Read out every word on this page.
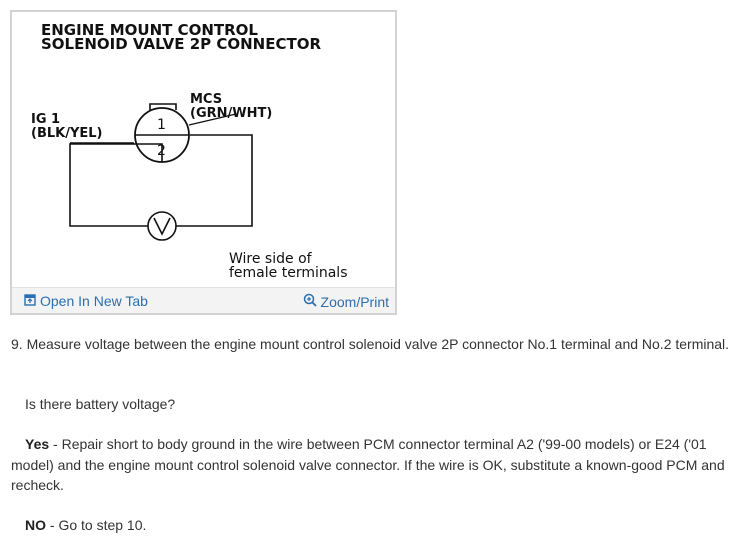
ENGINE MOUNT CONTROL
SOLENOID VALVE 2P CONNECTOR
MCS
(GRN/WHT)
IG 1
(BLK/YEL)
1
2
Wire side of
female terminals
Open In New Tab	Zoom/Print
9. Measure voltage between the engine mount control solenoid valve 2P connector No.1 terminal and No.2 terminal.
Is there battery voltage?
Yes - Repair short to body ground in the wire between PCM connector terminal A2 ('99-00 models) or E24 ('01 model) and the engine mount control solenoid valve connector. If the wire is OK, substitute a known-good PCM and recheck.
NO - Go to step 10.
